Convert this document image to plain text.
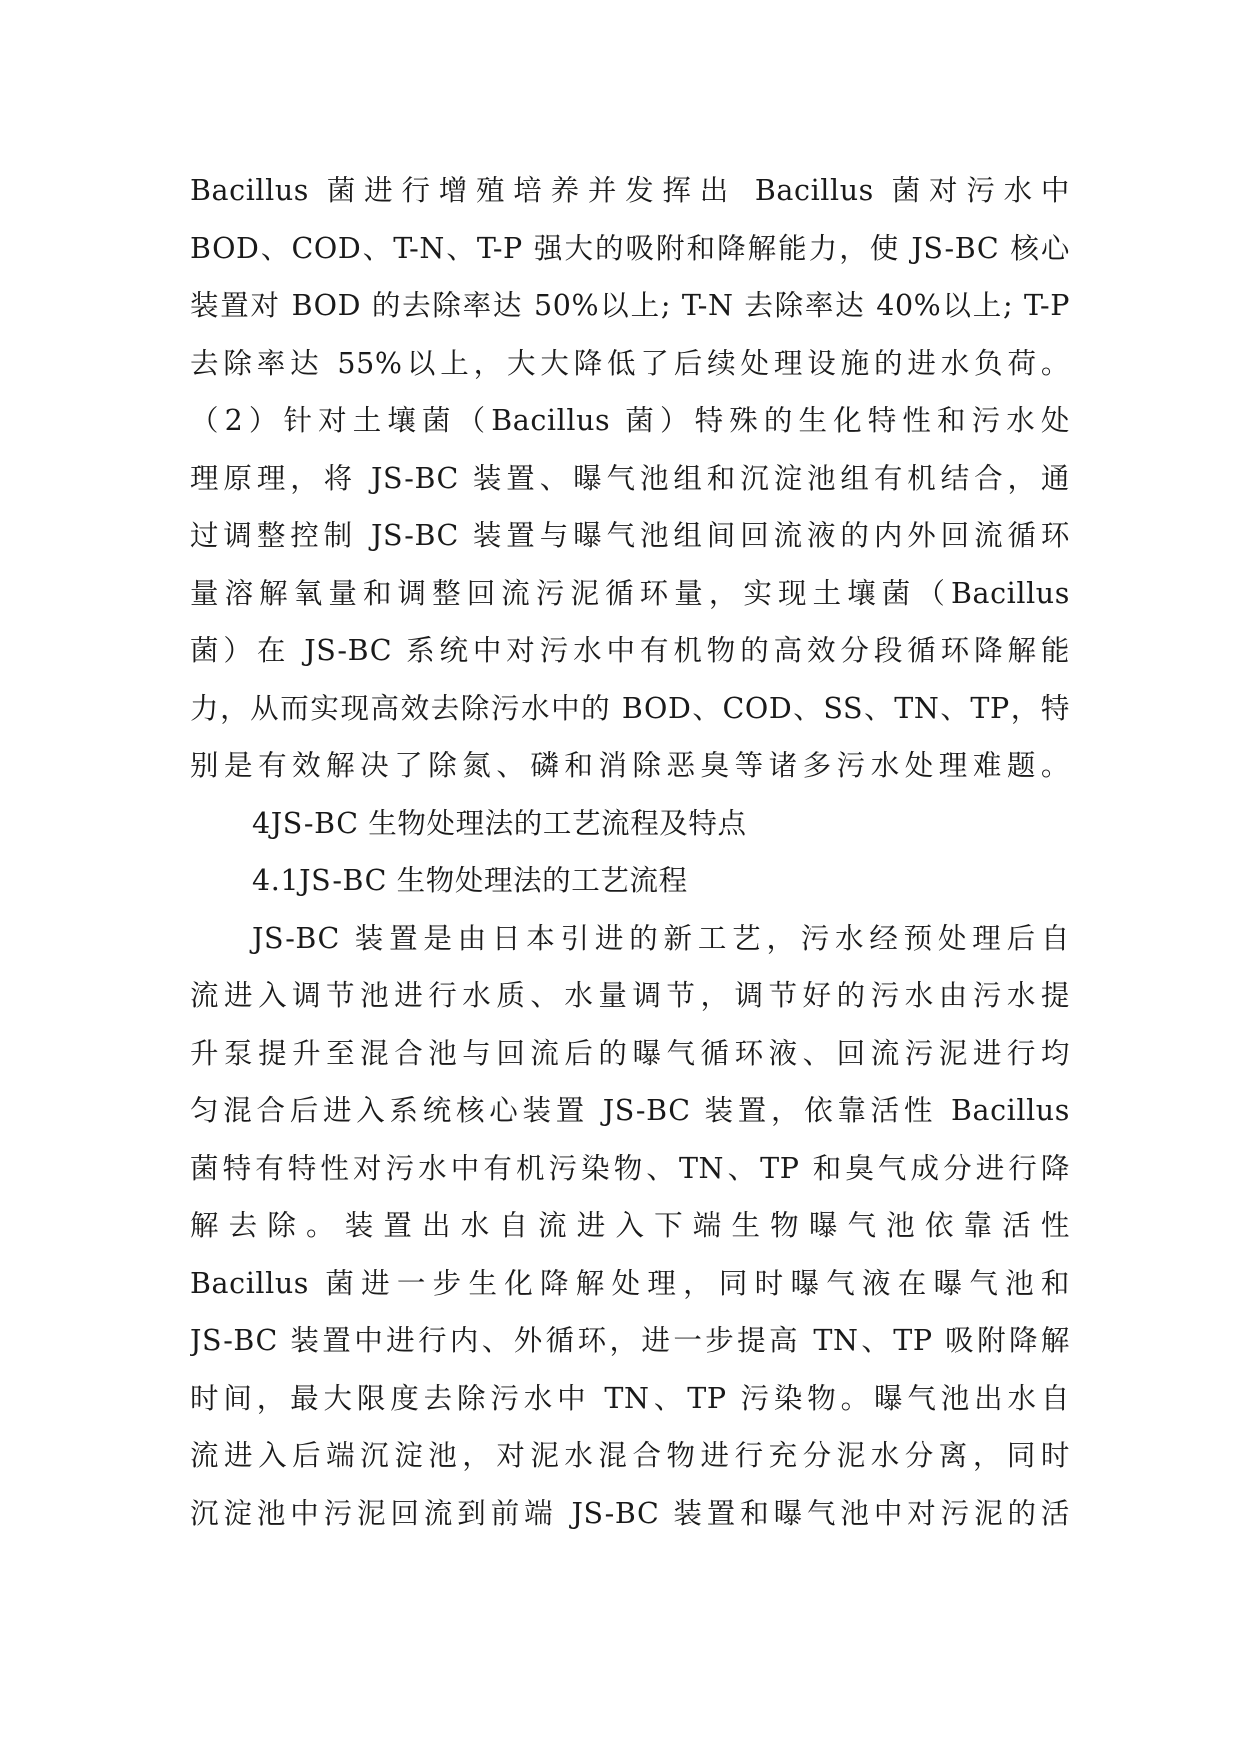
Bacillus 菌进行增殖培养并发挥出 Bacillus 菌对污水中
BOD、COD、T-N、T-P 强大的吸附和降解能力，使 JS-BC 核心
装置对 BOD 的去除率达 50%以上; T-N 去除率达 40%以上; T-P
去除率达 55%以上，大大降低了后续处理设施的进水负荷。
（2）针对土壤菌（Bacillus 菌）特殊的生化特性和污水处
理原理，将 JS-BC 装置、曝气池组和沉淀池组有机结合，通
过调整控制 JS-BC 装置与曝气池组间回流液的内外回流循环
量溶解氧量和调整回流污泥循环量，实现土壤菌（Bacillus
菌）在 JS-BC 系统中对污水中有机物的高效分段循环降解能
力，从而实现高效去除污水中的 BOD、COD、SS、TN、TP，特
别是有效解决了除氮、磷和消除恶臭等诸多污水处理难题。
4JS-BC 生物处理法的工艺流程及特点
4.1JS-BC 生物处理法的工艺流程
JS-BC 装置是由日本引进的新工艺，污水经预处理后自
流进入调节池进行水质、水量调节，调节好的污水由污水提
升泵提升至混合池与回流后的曝气循环液、回流污泥进行均
匀混合后进入系统核心装置 JS-BC 装置，依靠活性 Bacillus
菌特有特性对污水中有机污染物、TN、TP 和臭气成分进行降
解去除。装置出水自流进入下端生物曝气池依靠活性
Bacillus 菌进一步生化降解处理，同时曝气液在曝气池和
JS-BC 装置中进行内、外循环，进一步提高 TN、TP 吸附降解
时间，最大限度去除污水中 TN、TP 污染物。曝气池出水自
流进入后端沉淀池，对泥水混合物进行充分泥水分离，同时
沉淀池中污泥回流到前端 JS-BC 装置和曝气池中对污泥的活
